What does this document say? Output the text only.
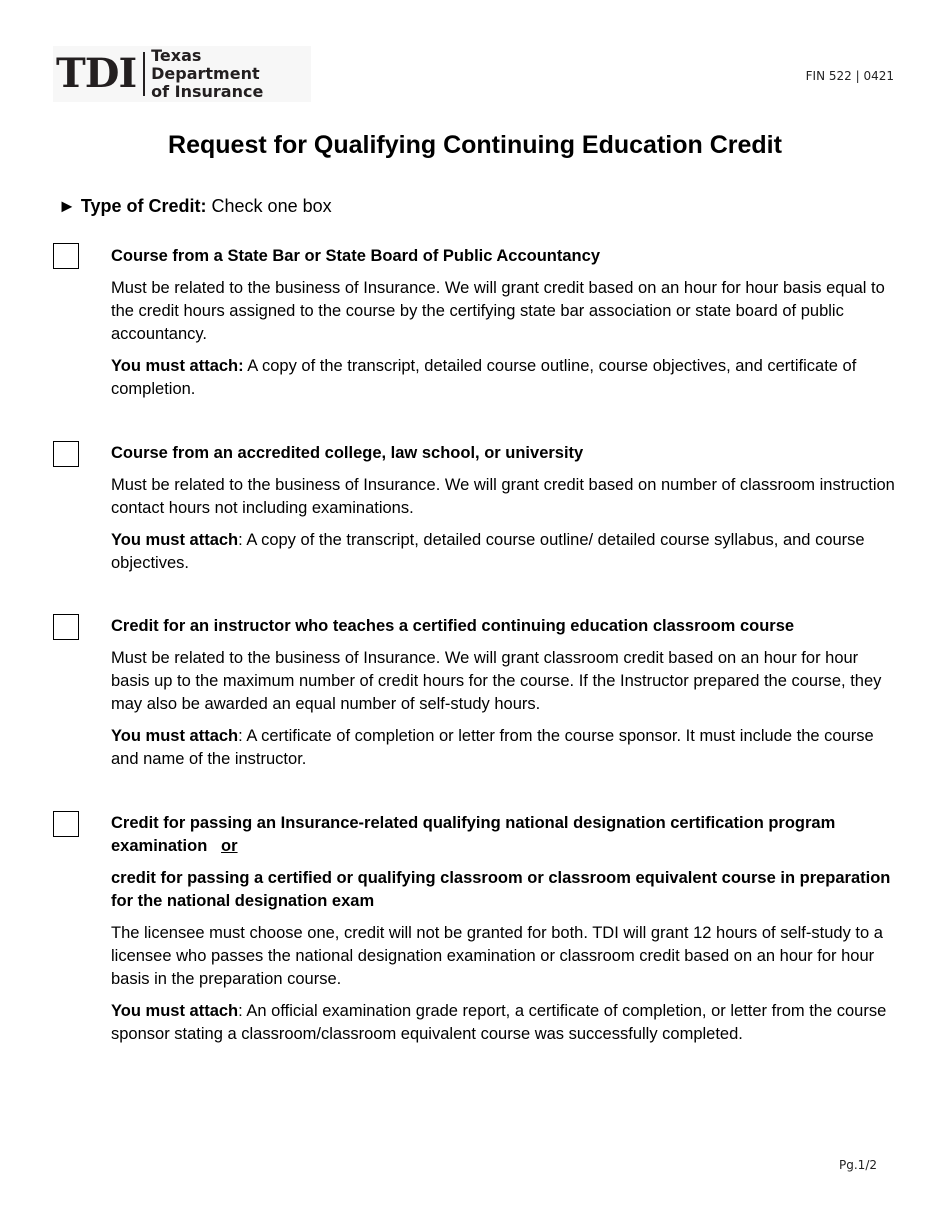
TDI Texas Department
of Insurance
FIN 522 | 0421
Request for Qualifying Continuing Education Credit
► Type of Credit: Check one box

Course from a State Bar or State Board of Public Accountancy

Must be related to the business of Insurance. We will grant credit based on an hour for hour basis equal to the credit hours assigned to the course by the certifying state bar association or state board of public accountancy.

You must attach: A copy of the transcript, detailed course outline, course objectives, and certificate of completion.

Course from an accredited college, law school, or university

Must be related to the business of Insurance. We will grant credit based on number of classroom instruction contact hours not including examinations.

You must attach: A copy of the transcript, detailed course outline/ detailed course syllabus, and course objectives.

Credit for an instructor who teaches a certified continuing education classroom course

Must be related to the business of Insurance. We will grant classroom credit based on an hour for hour basis up to the maximum number of credit hours for the course. If the Instructor prepared the course, they may also be awarded an equal number of self-study hours.

You must attach: A certificate of completion or letter from the course sponsor. It must include the course and name of the instructor.

Credit for passing an Insurance-related qualifying national designation certification program examination or

credit for passing a certified or qualifying classroom or classroom equivalent course in preparation for the national designation exam

The licensee must choose one, credit will not be granted for both. TDI will grant 12 hours of self-study to a licensee who passes the national designation examination or classroom credit based on an hour for hour basis in the preparation course.

You must attach: An official examination grade report, a certificate of completion, or letter from the course sponsor stating a classroom/classroom equivalent course was successfully completed.

Pg.1/2
